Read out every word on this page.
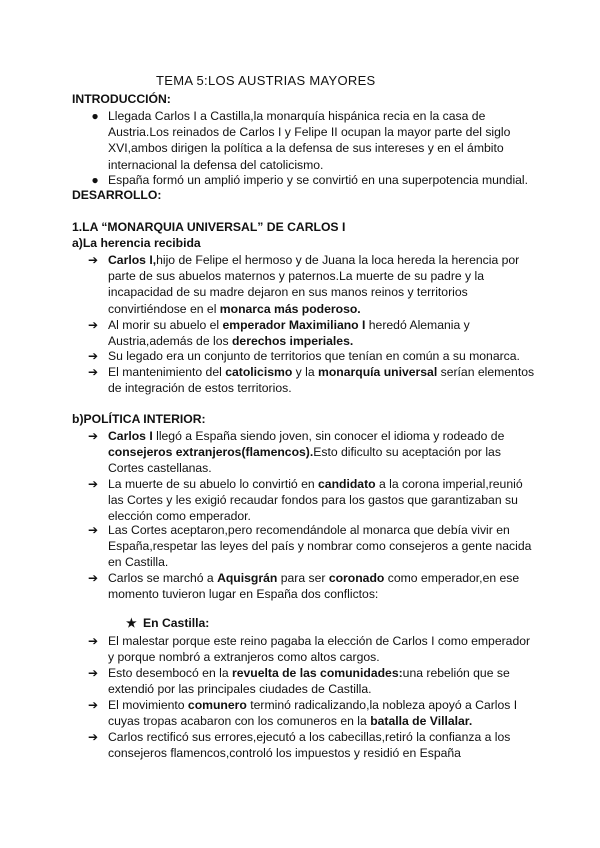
TEMA 5:LOS AUSTRIAS MAYORES
INTRODUCCIÓN:
● Llegada Carlos I a Castilla,la monarquía hispánica recia en la casa de Austria.Los reinados de Carlos I y Felipe II ocupan la mayor parte del siglo XVI,ambos dirigen la política a la defensa de sus intereses y en el ámbito internacional la defensa del catolicismo.
● España formó un amplió imperio y se convirtió en una superpotencia mundial.
DESARROLLO:
1.LA “MONARQUIA UNIVERSAL” DE CARLOS I
a)La herencia recibida
➔ Carlos I,hijo de Felipe el hermoso y de Juana la loca hereda la herencia por parte de sus abuelos maternos y paternos.La muerte de su padre y la incapacidad de su madre dejaron en sus manos reinos y territorios convirtiéndose en el monarca más poderoso.
➔ Al morir su abuelo el emperador Maximiliano I heredó Alemania y Austria,además de los derechos imperiales.
➔ Su legado era un conjunto de territorios que tenían en común a su monarca.
➔ El mantenimiento del catolicismo y la monarquía universal serían elementos de integración de estos territorios.
b)POLÍTICA INTERIOR:
➔ Carlos I llegó a España siendo joven, sin conocer el idioma y rodeado de consejeros extranjeros(flamencos).Esto dificulto su aceptación por las Cortes castellanas.
➔ La muerte de su abuelo lo convirtió en candidato a la corona imperial,reunió las Cortes y les exigió recaudar fondos para los gastos que garantizaban su elección como emperador.
➔ Las Cortes aceptaron,pero recomendándole al monarca que debía vivir en España,respetar las leyes del país y nombrar como consejeros a gente nacida en Castilla.
➔ Carlos se marchó a Aquisgrán para ser coronado como emperador,en ese momento tuvieron lugar en España dos conflictos:
★ En Castilla:
➔ El malestar porque este reino pagaba la elección de Carlos I como emperador y porque nombró a extranjeros como altos cargos.
➔ Esto desembocó en la revuelta de las comunidades:una rebelión que se extendió por las principales ciudades de Castilla.
➔ El movimiento comunero terminó radicalizando,la nobleza apoyó a Carlos I cuyas tropas acabaron con los comuneros en la batalla de Villalar.
➔ Carlos rectificó sus errores,ejecutó a los cabecillas,retiró la confianza a los consejeros flamencos,controló los impuestos y residió en España
